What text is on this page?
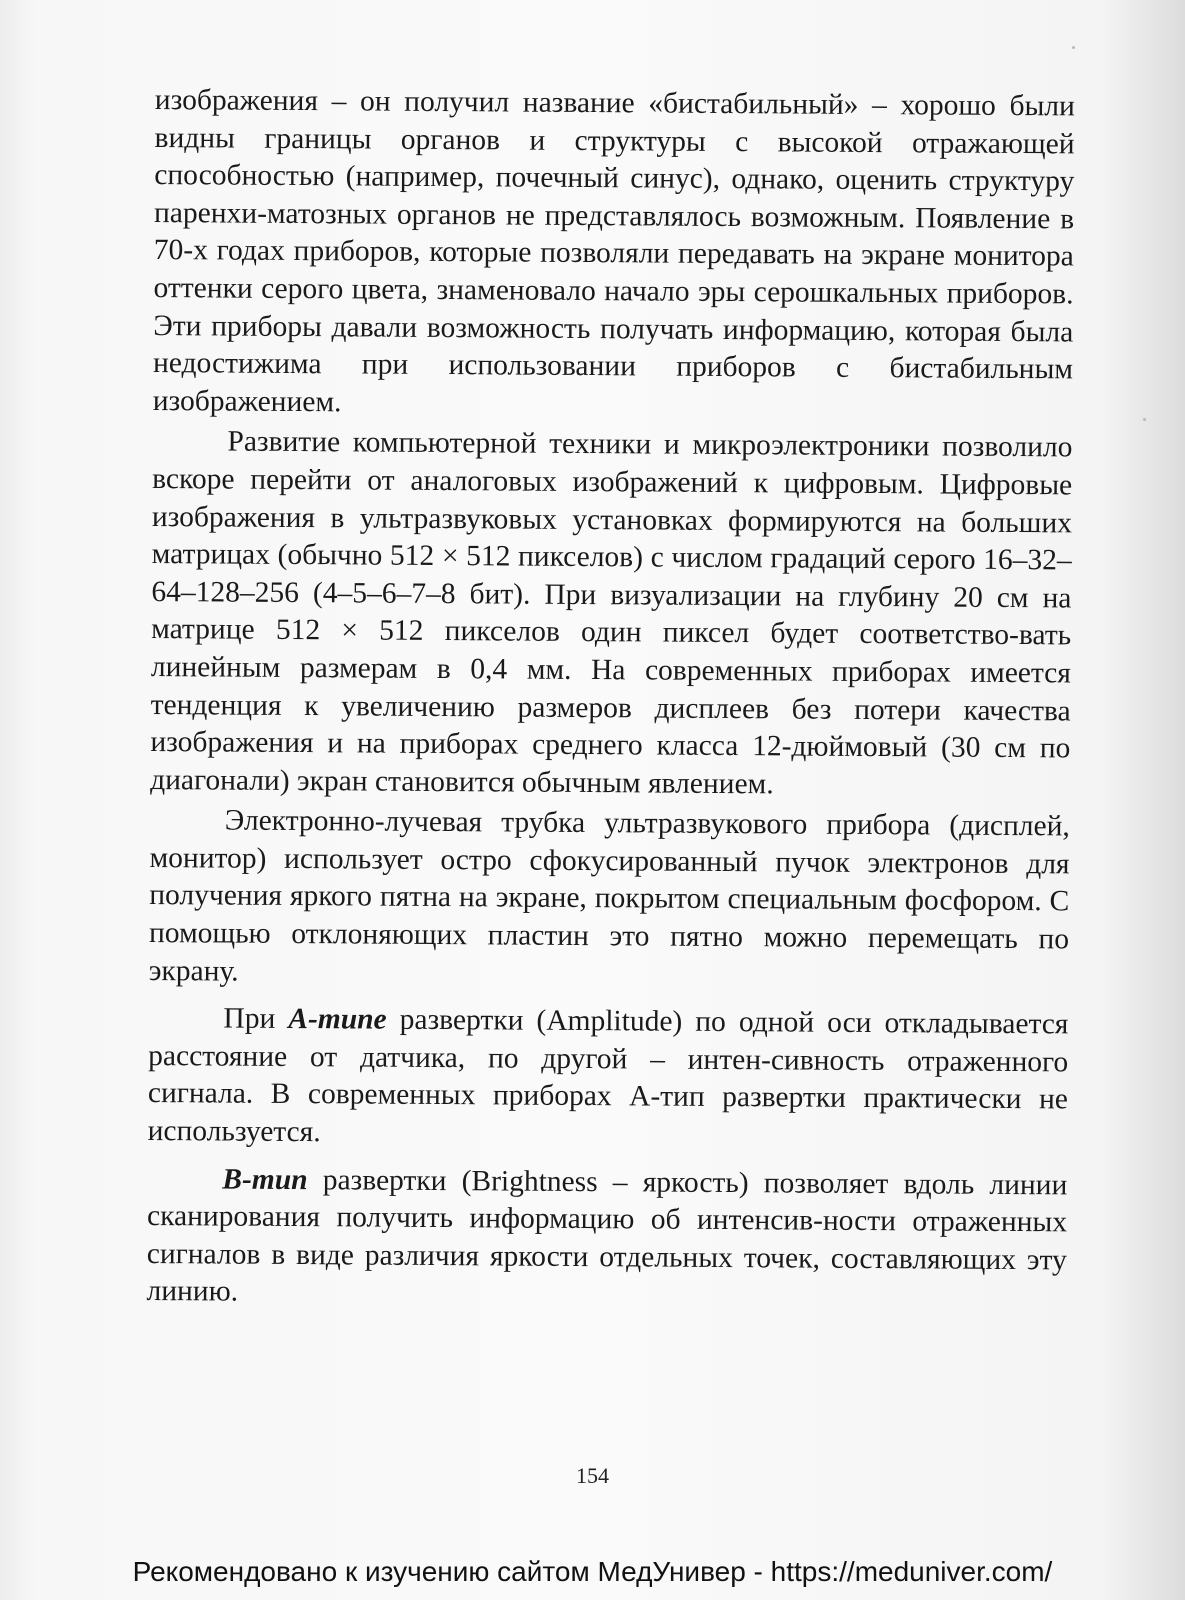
изображения – он получил название «бистабильный» – хорошо были видны границы органов и структуры с высокой отражающей способностью (например, почечный синус), однако, оценить структуру паренхи-матозных органов не представлялось возможным. Появление в 70-х годах приборов, которые позволяли передавать на экране монитора оттенки серого цвета, знаменовало начало эры серошкальных приборов. Эти приборы давали возможность получать информацию, которая была недостижима при использовании приборов с бистабильным изображением.

Развитие компьютерной техники и микроэлектроники позволило вскоре перейти от аналоговых изображений к цифровым. Цифровые изображения в ультразвуковых установках формируются на больших матрицах (обычно 512 × 512 пикселов) с числом градаций серого 16–32–64–128–256 (4–5–6–7–8 бит). При визуализации на глубину 20 см на матрице 512 × 512 пикселов один пиксел будет соответство-вать линейным размерам в 0,4 мм. На современных приборах имеется тенденция к увеличению размеров дисплеев без потери качества изображения и на приборах среднего класса 12-дюймовый (30 см по диагонали) экран становится обычным явлением.

Электронно-лучевая трубка ультразвукового прибора (дисплей, монитор) использует остро сфокусированный пучок электронов для получения яркого пятна на экране, покрытом специальным фосфором. С помощью отклоняющих пластин это пятно можно перемещать по экрану.

При А-типе развертки (Amplitude) по одной оси откладывается расстояние от датчика, по другой – интен-сивность отраженного сигнала. В современных приборах А-тип развертки практически не используется.

В-тип развертки (Brightness – яркость) позволяет вдоль линии сканирования получить информацию об интенсив-ности отраженных сигналов в виде различия яркости отдельных точек, составляющих эту линию.

154
Рекомендовано к изучению сайтом МедУнивер - https://meduniver.com/
